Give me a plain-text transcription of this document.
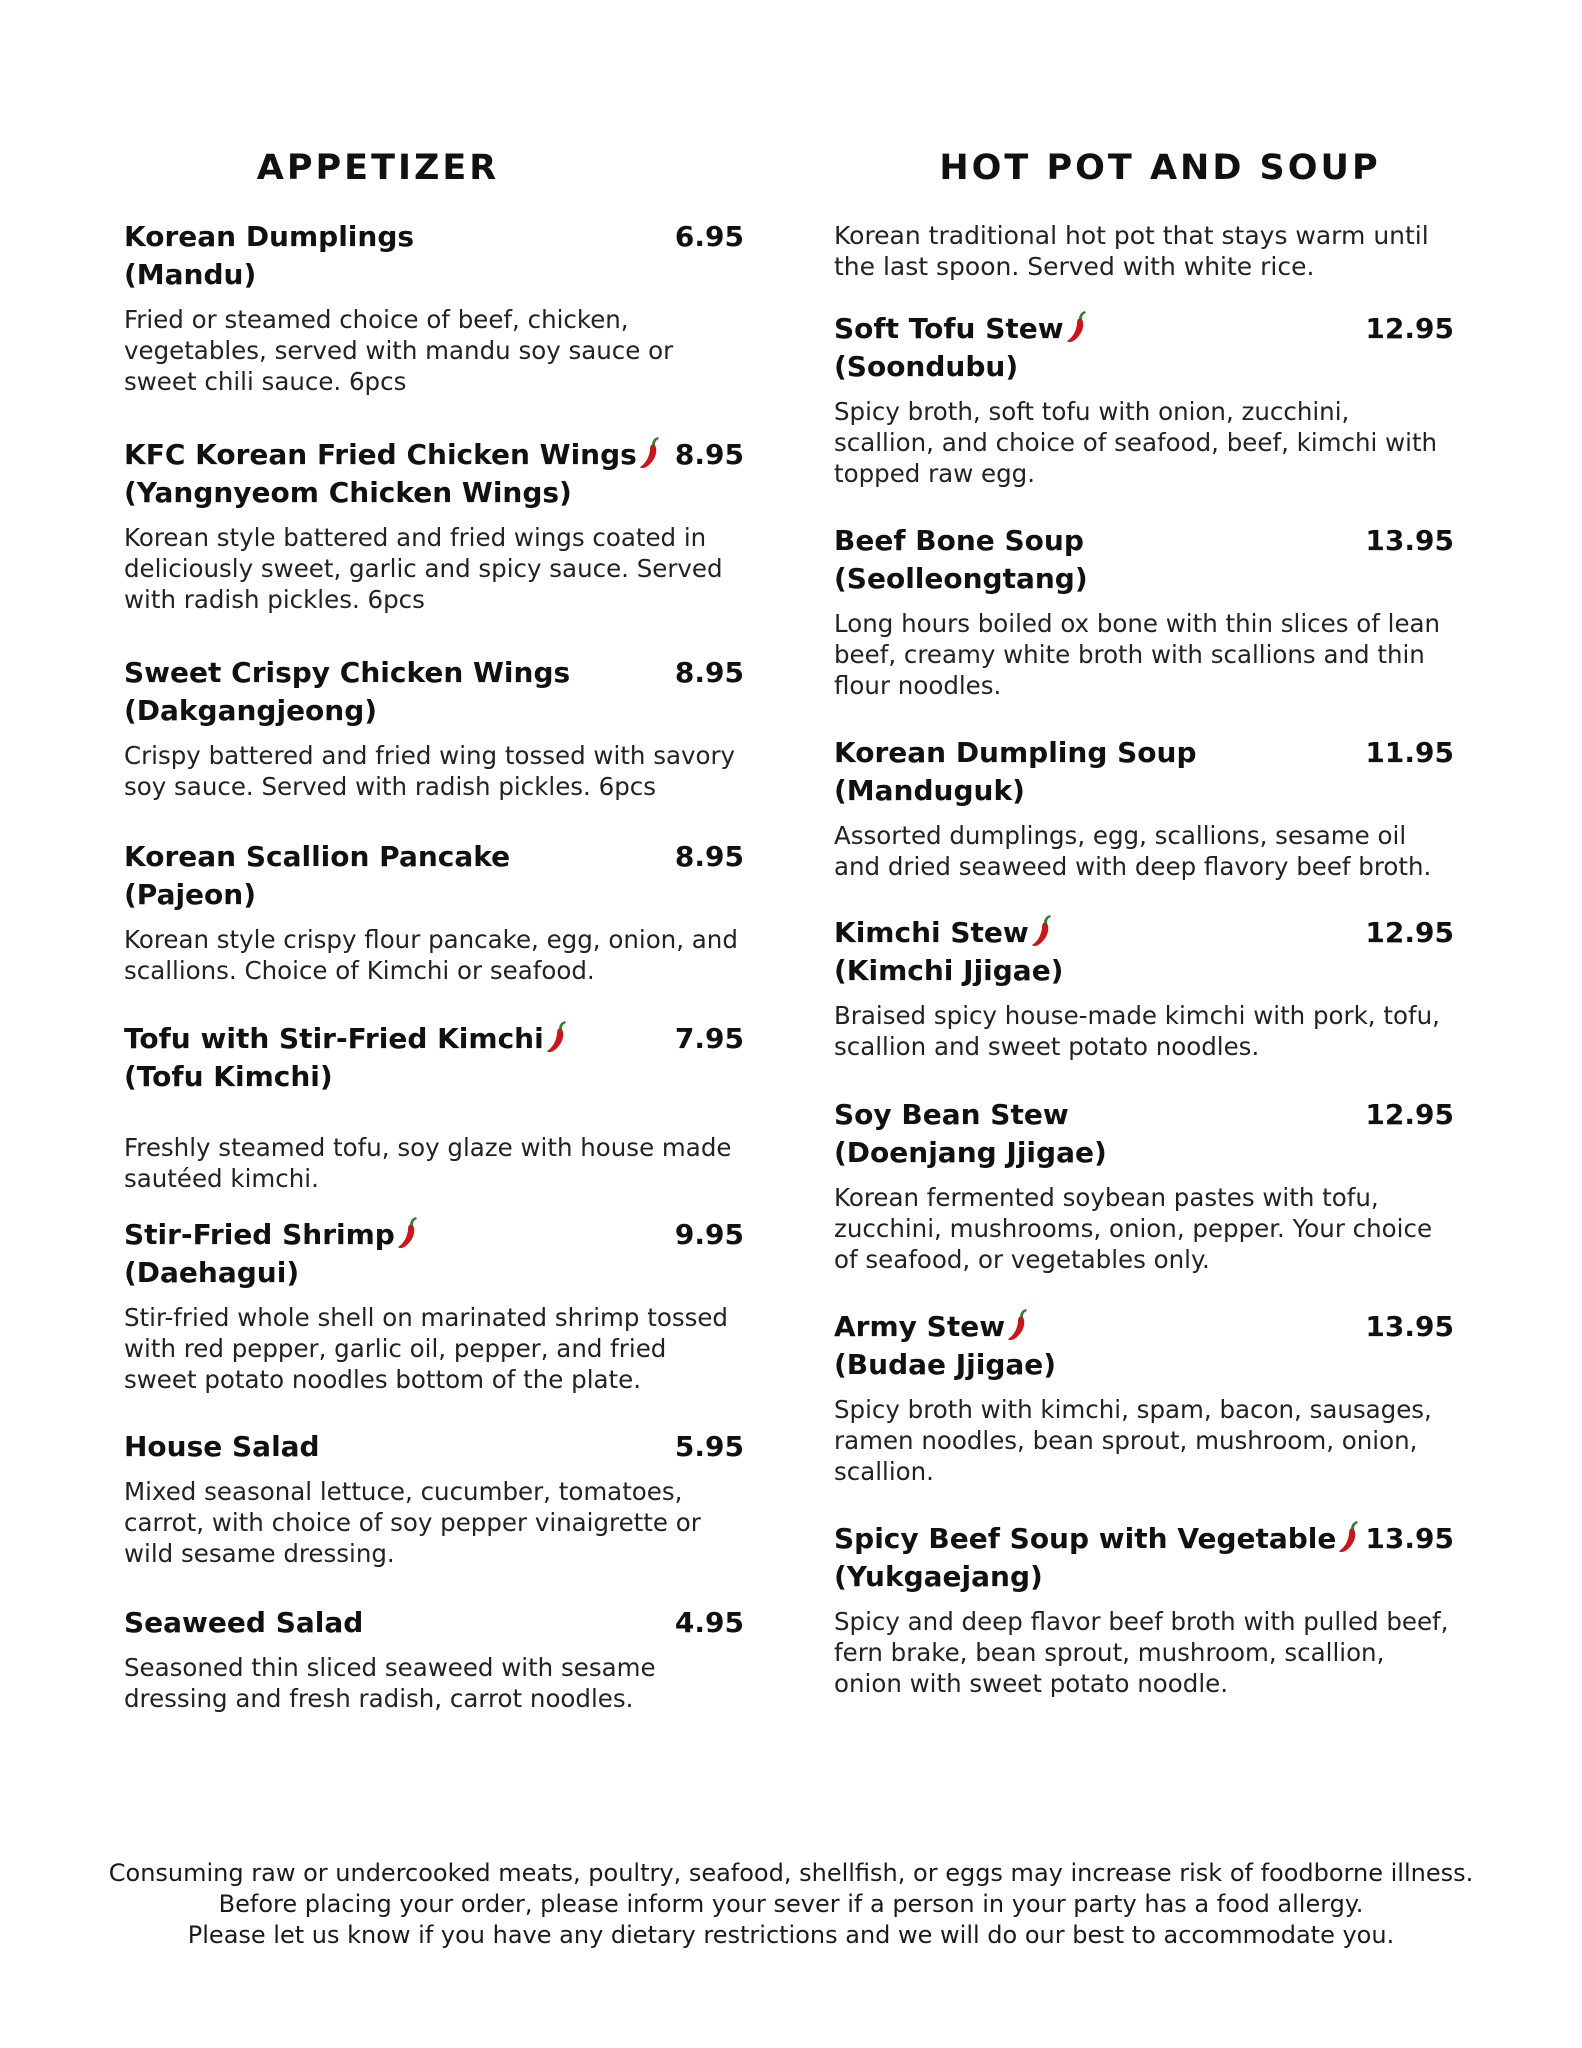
APPETIZER
Korean Dumplings	6.95
(Mandu)
Fried or steamed choice of beef, chicken, vegetables, served with mandu soy sauce or sweet chili sauce. 6pcs
KFC Korean Fried Chicken Wings 8.95
(Yangnyeom Chicken Wings)
Korean style battered and fried wings coated in deliciously sweet, garlic and spicy sauce. Served with radish pickles. 6pcs
Sweet Crispy Chicken Wings	8.95
(Dakgangjeong)
Crispy battered and fried wing tossed with savory soy sauce. Served with radish pickles. 6pcs
Korean Scallion Pancake	8.95
(Pajeon)
Korean style crispy flour pancake, egg, onion, and scallions. Choice of Kimchi or seafood.
Tofu with Stir-Fried Kimchi	7.95
(Tofu Kimchi)
Freshly steamed tofu, soy glaze with house made sautéed kimchi.
Stir-Fried Shrimp	9.95
(Daehagui)
Stir-fried whole shell on marinated shrimp tossed with red pepper, garlic oil, pepper, and fried sweet potato noodles bottom of the plate.
House Salad	5.95
Mixed seasonal lettuce, cucumber, tomatoes, carrot, with choice of soy pepper vinaigrette or wild sesame dressing.
Seaweed Salad	4.95
Seasoned thin sliced seaweed with sesame dressing and fresh radish, carrot noodles.
HOT POT AND SOUP
Korean traditional hot pot that stays warm until the last spoon. Served with white rice.
Soft Tofu Stew	12.95
(Soondubu)
Spicy broth, soft tofu with onion, zucchini, scallion, and choice of seafood, beef, kimchi with topped raw egg.
Beef Bone Soup	13.95
(Seolleongtang)
Long hours boiled ox bone with thin slices of lean beef, creamy white broth with scallions and thin flour noodles.
Korean Dumpling Soup	11.95
(Manduguk)
Assorted dumplings, egg, scallions, sesame oil and dried seaweed with deep flavory beef broth.
Kimchi Stew	12.95
(Kimchi Jjigae)
Braised spicy house-made kimchi with pork, tofu, scallion and sweet potato noodles.
Soy Bean Stew	12.95
(Doenjang Jjigae)
Korean fermented soybean pastes with tofu, zucchini, mushrooms, onion, pepper. Your choice of seafood, or vegetables only.
Army Stew	13.95
(Budae Jjigae)
Spicy broth with kimchi, spam, bacon, sausages, ramen noodles, bean sprout, mushroom, onion, scallion.
Spicy Beef Soup with Vegetable 13.95
(Yukgaejang)
Spicy and deep flavor beef broth with pulled beef, fern brake, bean sprout, mushroom, scallion, onion with sweet potato noodle.
Consuming raw or undercooked meats, poultry, seafood, shellfish, or eggs may increase risk of foodborne illness.
Before placing your order, please inform your sever if a person in your party has a food allergy.
Please let us know if you have any dietary restrictions and we will do our best to accommodate you.
